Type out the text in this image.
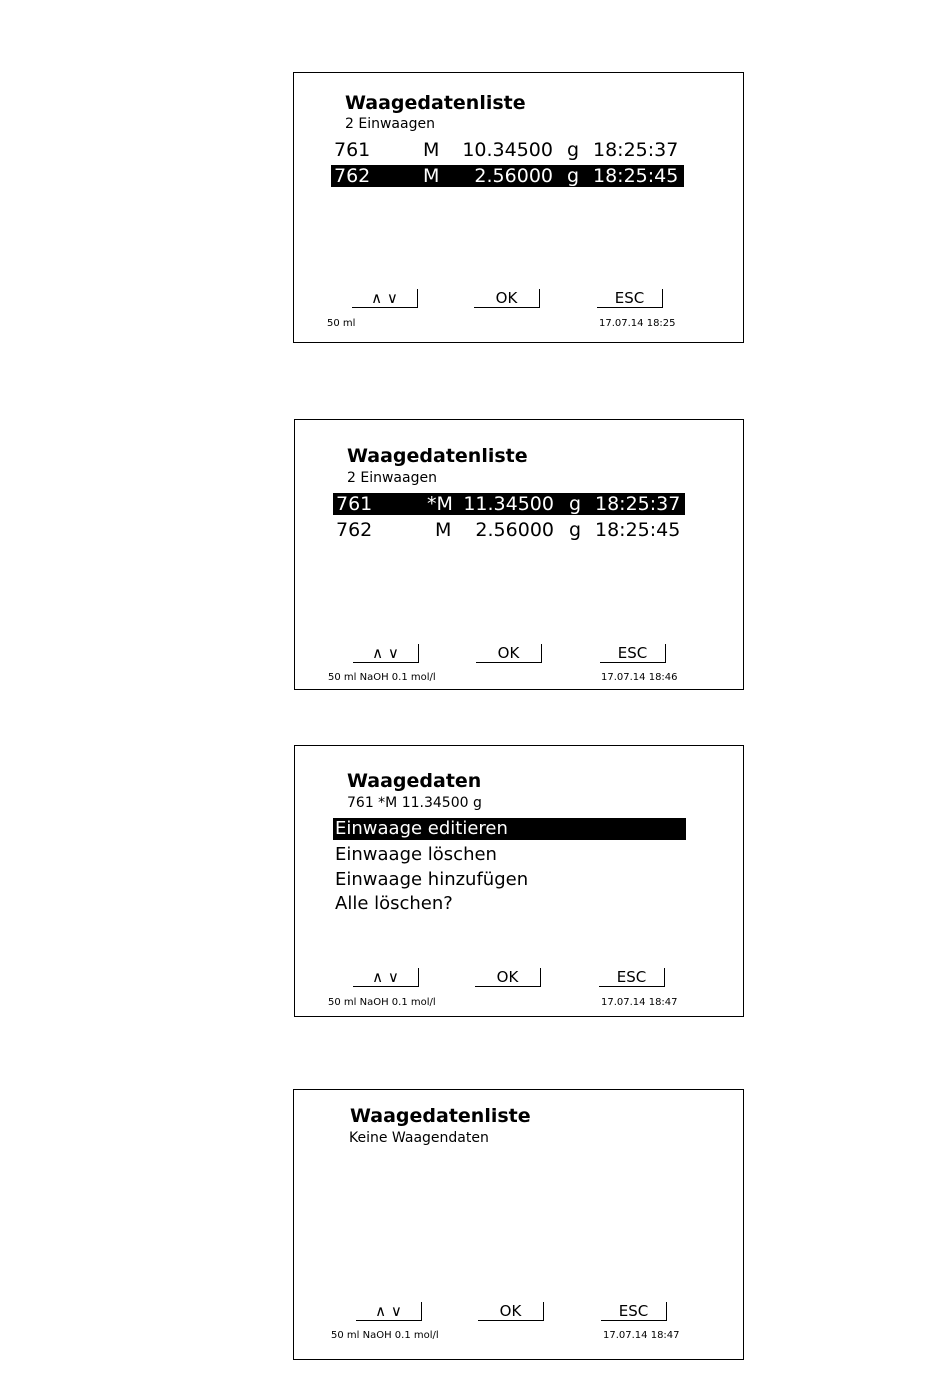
Waagedatenliste
2 Einwaagen
761	M 10.34500 g 18:25:37
762	M 2.56000 g 18:25:45
∧ ∨	OK	ESC
50 ml	17.07.14 18:25
Waagedatenliste
2 Einwaagen
761	*M 11.34500 g 18:25:37
762	M 2.56000 g 18:25:45
∧ ∨	OK	ESC
50 ml NaOH 0.1 mol/l	17.07.14 18:46
Waagedaten
761 *M 11.34500 g
Einwaage editieren
Einwaage löschen
Einwaage hinzufügen
Alle löschen?
∧ ∨	OK	ESC
50 ml NaOH 0.1 mol/l	17.07.14 18:47
Waagedatenliste
Keine Waagendaten
∧ ∨	OK	ESC
50 ml NaOH 0.1 mol/l	17.07.14 18:47
